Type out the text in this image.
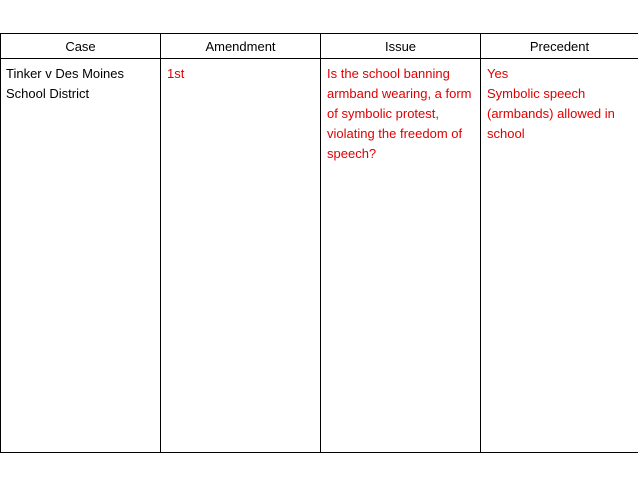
Case	Amendment	Issue	Precedent
Tinker v Des Moines School District	1st	Is the school banning armband wearing, a form of symbolic protest, violating the freedom of speech?	Yes
Symbolic speech (armbands) allowed in school
